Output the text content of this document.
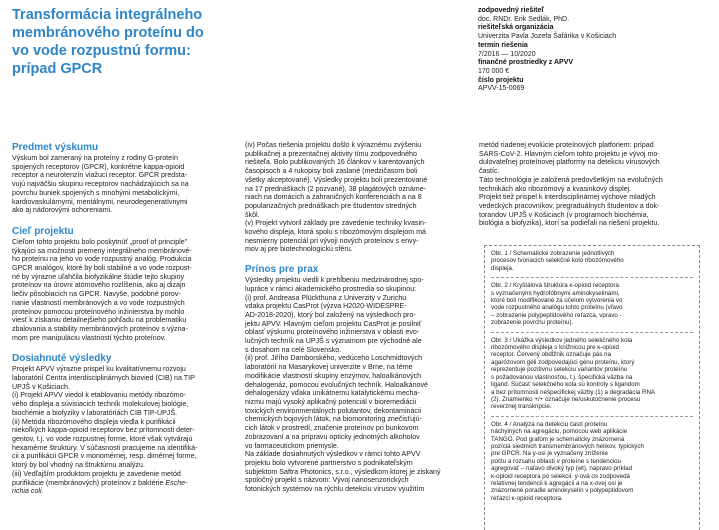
Transformácia integrálneho
membránového proteínu do
vo vode rozpustnú formu:
prípad GPCR
zodpovedný riešiteľ
doc. RNDr. Erik Sedlák, PhD.
riešiteľská organizácia
Univerzita Pavla Jozefa Šafárika v Košiciach
termín riešenia
7/2016 — 10/2020
finančné prostriedky z APVV
170 000 €
číslo projektu
APVV-15-0069
Predmet výskumu

Výskum bol zameraný na proteíny z rodiny G-proteín
spojených receptorov (GPCR), konkrétne kappa-opioid
receptor a neurotenzín viažuci receptor. GPCR predsta-
vujú najväčšiu skupinu receptorov nachádzajúcich sa na
povrchu buniek spojených s mnohými metabolickými,
kardiovaskulárnymi, mentálnymi, neurodegeneratívnymi
ako aj nádorovými ochoreniami.

Cieľ projektu

Cieľom tohto projektu bolo poskytnúť „proof of principle"
týkajúci sa možnosti premeny integrálneho membránové-
ho proteínu na jeho vo vode rozpustný analóg. Produkcia
GPCR analógov, ktoré by boli stabilné a vo vode rozpust-
né by výrazne uľahčila biofyzikálne štúdie tejto skupiny
proteínov na úrovni atómového rozlíšenia, ako aj dizajn
liečiv pôsobiacich na GPCR. Navyše, podobné porov-
nanie vlastností membránových a vo vode rozpustných
proteínov pomocou proteínového inžinierstva by mohlo
viesť k získaniu detailnejšieho pohľadu na problematiku
zbalovania a stability membránových proteínov s význa-
mom pre manipuláciu vlastností týchto proteínov.

Dosiahnuté výsledky

Projekt APVV výrazne prispel ku kvalitatívnemu rozvoju
laboratórií Centra interdisciplinárnych biovied (CIB) na TIP
UPJŠ v Košiciach.
(i) Projekt APVV viedol k etablovaniu metódy ribozómo-
vého displeja a súvisiacich techník molekulovej biológie,
biochémie a biofyziky v laboratóriách CIB TIP-UPJŠ.
(ii) Metóda ribozómového displeja viedla k purifikácii
niekoľkých kappa-opioid receptorov bez prítomnosti deter-
gentov, t.j. vo vode rozpustnej forme, ktoré však vytvárajú
hexamérne štruktúry. V súčasnosti pracujeme na identifiká-
cii a purifikácii GPCR v monomérnej, resp. dimérnej forme,
ktorý by bol vhodný na štruktúrnu analýzu.
(iii) Vedľajším produktom projektu je zavedenie metód
purifikácie (membránových) proteínov z baktérie Esche-
richia coli.

(iv) Počas riešenia projektu došlo k výraznému zvýšeniu
publikačnej a prezentačnej aktivity tímu zodpovedného
riešiteľa. Bolo publikovaných 16 článkov v karentovaných
časopisoch a 4 rukopisy boli zaslané (medzičasom boli
všetky akceptované). Výsledky projektu boli prezentované
na 17 prednáškach (2 pozvané), 38 plagátových oznáme-
niach na domácich a zahraničných konferenciách a na 8
popularizačných prednáškach pre študentov stredných
škôl.
(v) Projekt vytvoril základy pre zavedenie techniky kvasin-
kového displeja, ktorá spolu s ribozómovým displejom má
nesmierny potenciál pri vývoji nových proteínov s envy-
mov aj pre biotechnologickú sféru.

Prínos pre prax

Výsledky projektu viedli k prehĺbeniu medzinárodnej spo-
lupráce v rámci akademického prostredia so skupinou:
(i) prof. Andreasa Plückthuna z Univerzity v Zurichu
vdaka projektu CasProt (výzva H2020-WIDESPRE-
AD-2018-2020), ktorý bol založený na výsledkoch pro-
jektu APVV. Hlavným cieľom projektu CasProt je posilniť
oblasť výskumu proteínového inžinierstva v oblasti evo-
lučných techník na UPJŠ s významom pre východné ale
s dosahom na celé Slovensko.
(ii) prof. Jiřího Damborského, vedúceho Loschmidtových
laboratórií na Masarykovej univerzite v Brne, na téme
modifikácie vlastností skupiny enzýmov, haloalkánových
dehalogenáz, pomocou evolučných techník. Haloalkánové
dehalogenázy vďaka unikátnemu katalytickému mecha-
nizmu majú vysoký aplikačný potenciál v bioremediácii
toxických environmentálnych polutantov, dekontaminácii
chemických bojových látok, na biomonitoring znečisťujú-
cich látok v prostredí, značenie proteínov pri bunkovom
zobrazovaní a na prípravu opticky jednotných alkoholov
vo farmaceutickom priemysle.
Na základe dosiahnutých výsledkov v rámci tohto APVV
projektu bolo vytvorené partnerstvo s podnikateľským
subjektom Saftra Photonics, s.r.o., výsledkom ktorej je ziskaný
spoločný projekt s názvom: Vývoj nanosenzorických
fotonických systémov na rýchlu detekciu vírusov využitím

metód riadenej evolúcie proteínových platforiem: prípad
SARS-CoV-2. Hlavným cieľom tohto projektu je vývoj mo-
dulovateľnej proteínovej platformy na detekciu vírusových
častíc.
Táto technológia je založená predovšetkým na evolučných
technikách ako ribozómový a kvasinkový displej.
Projekt tiež prispel k interdisciplinárnej výchove mladých
vedeckých pracovníkov, pregraduálnych študentov a dok-
torandov UPJŠ v Košiciach (v programoch biochémia,
biológia a biofyzika), ktorí sa podieľali na riešení projektu.

Obr. 1 / Schematické zobrazenie jednotlivých
procesov tvoriacich selekčné kolo ribozómového
displeja.

Obr. 2 / Kryštálová štruktúra κ-opioid receptora
s vyznačenými hydrofóbnymi aminokyselinami,
ktoré boli modifikované za účelom vytvorenia vo
vode rozpustného analógu tohto proteínu (vľavo
– zobrazenie polypeptidového reťazca, vpravo -
zobrazenie povrchu proteínu).

Obr. 3 / Ukážka výsledkov jedného selekčného kola
ribozómového displeja s knižnicou pre κ-opioid
receptor. Červený obdĺžnik označuje pás na
agarózovom geli zodpovedajúci génu proteínu, ktorý
reprezentuje pozitívnu selekciu variantov proteínu
s požadovanou vlastnosťou, t.j. špecifická väzba na
ligand. Súčasť selekčného kola sú kontroly s ligandom
a bez prítomnosti nešpecifickej väzby (1) a degradácia RNA
(2). Znamienko +/+ označuje ne/uskutočnenie procesu
reverznej transkripcie.

Obr. 4 / Analýza na detekciu častí proteínu
náchylných na agregáciu, pomocou web aplikácie
TANGO. Pod grafom je schematicky znázornená
pozícia siedmich transmembránových helixov, typických
pre GPCR. Na y-osi je vyznačený zníženie
počtu a rozsahu oblastí v proteíne s tendenciou
agregovať – naľavo divoký typ (wt), napravo príklad
κ-opioid receptora po selekcii. y-ová os zodpovedá
relatívnej tendencii k agregácii a na x-ovej osi je
znázornené poradie aminokyselín v polypeptidovom
reťazci κ-opioid receptora.
